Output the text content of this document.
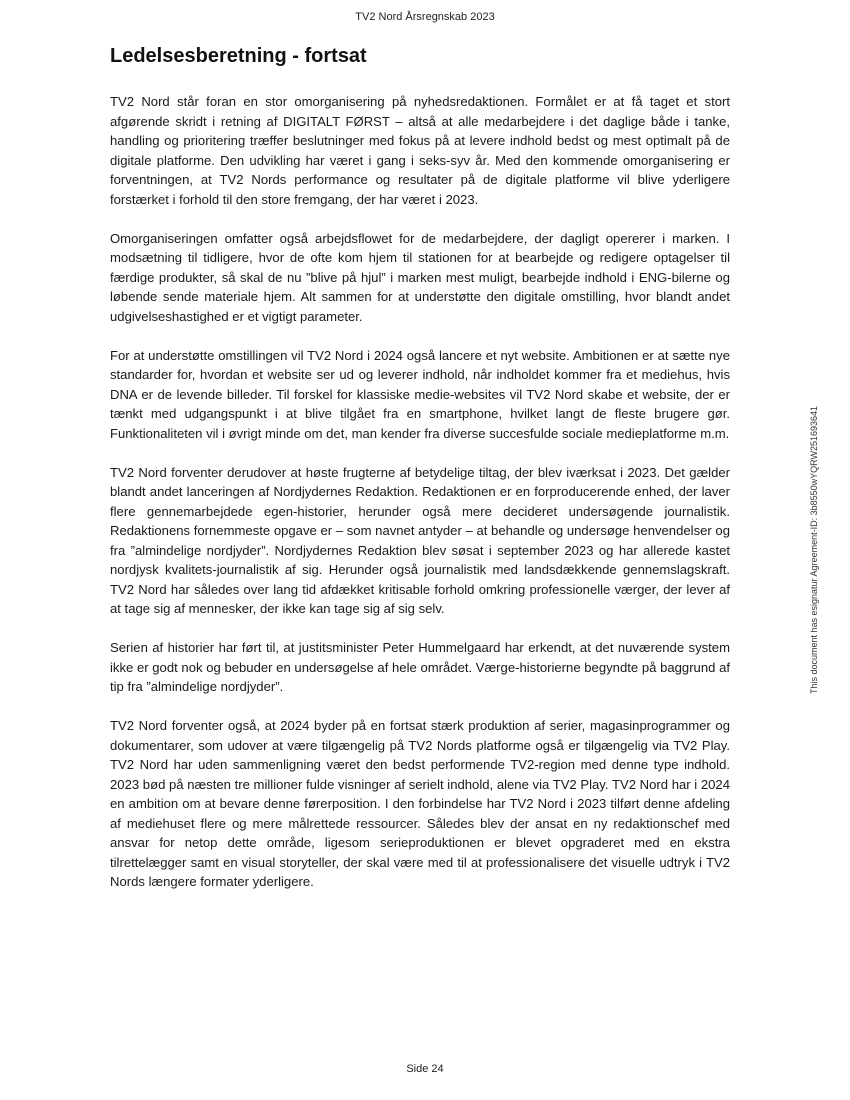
TV2 Nord Årsregnskab 2023
Ledelsesberetning - fortsat

TV2 Nord står foran en stor omorganisering på nyhedsredaktionen. Formålet er at få taget et stort afgørende skridt i retning af DIGITALT FØRST – altså at alle medarbejdere i det daglige både i tanke, handling og prioritering træffer beslutninger med fokus på at levere indhold bedst og mest optimalt på de digitale platforme. Den udvikling har været i gang i seks-syv år. Med den kommende omorganisering er forventningen, at TV2 Nords performance og resultater på de digitale platforme vil blive yderligere forstærket i forhold til den store fremgang, der har været i 2023.

Omorganiseringen omfatter også arbejdsflowet for de medarbejdere, der dagligt opererer i marken. I modsætning til tidligere, hvor de ofte kom hjem til stationen for at bearbejde og redigere optagelser til færdige produkter, så skal de nu ”blive på hjul” i marken mest muligt, bearbejde indhold i ENG-bilerne og løbende sende materiale hjem. Alt sammen for at understøtte den digitale omstilling, hvor blandt andet udgivelseshastighed er et vigtigt parameter.

For at understøtte omstillingen vil TV2 Nord i 2024 også lancere et nyt website. Ambitionen er at sætte nye standarder for, hvordan et website ser ud og leverer indhold, når indholdet kommer fra et mediehus, hvis DNA er de levende billeder. Til forskel for klassiske medie-websites vil TV2 Nord skabe et website, der er tænkt med udgangspunkt i at blive tilgået fra en smartphone, hvilket langt de fleste brugere gør. Funktionaliteten vil i øvrigt minde om det, man kender fra diverse succesfulde sociale medieplatforme m.m.

TV2 Nord forventer derudover at høste frugterne af betydelige tiltag, der blev iværksat i 2023. Det gælder blandt andet lanceringen af Nordjydernes Redaktion. Redaktionen er en forproducerende enhed, der laver flere gennemarbejdede egen-historier, herunder også mere decideret undersøgende journalistik. Redaktionens fornemmeste opgave er – som navnet antyder – at behandle og undersøge henvendelser og fra ”almindelige nordjyder”. Nordjydernes Redaktion blev søsat i september 2023 og har allerede kastet nordjysk kvalitets-journalistik af sig. Herunder også journalistik med landsdækkende gennemslagskraft. TV2 Nord har således over lang tid afdækket kritisable forhold omkring professionelle værger, der lever af at tage sig af mennesker, der ikke kan tage sig af sig selv.

Serien af historier har ført til, at justitsminister Peter Hummelgaard har erkendt, at det nuværende system ikke er godt nok og bebuder en undersøgelse af hele området. Værge-historierne begyndte på baggrund af tip fra ”almindelige nordjyder”.

TV2 Nord forventer også, at 2024 byder på en fortsat stærk produktion af serier, magasinprogrammer og dokumentarer, som udover at være tilgængelig på TV2 Nords platforme også er tilgængelig via TV2 Play. TV2 Nord har uden sammenligning været den bedst performende TV2-region med denne type indhold. 2023 bød på næsten tre millioner fulde visninger af serielt indhold, alene via TV2 Play. TV2 Nord har i 2024 en ambition om at bevare denne førerposition. I den forbindelse har TV2 Nord i 2023 tilført denne afdeling af mediehuset flere og mere målrettede ressourcer. Således blev der ansat en ny redaktionschef med ansvar for netop dette område, ligesom serieproduktionen er blevet opgraderet med en ekstra tilrettelægger samt en visual storyteller, der skal være med til at professionalisere det visuelle udtryk i TV2 Nords længere formater yderligere.

This document has esignatur Agreement-ID: 3b8550wYQRW251693641
Side 24
